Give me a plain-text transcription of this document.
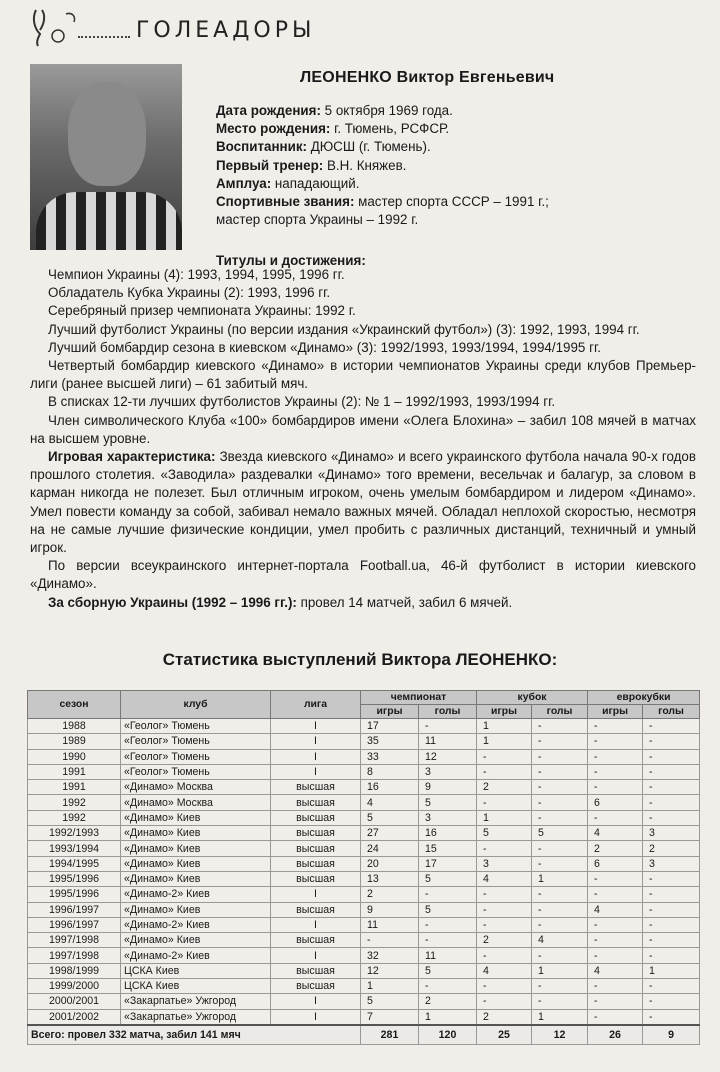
ГОЛЕАДОРЫ
ЛЕОНЕНКО Виктор Евгеньевич
Дата рождения: 5 октября 1969 года.
Место рождения: г. Тюмень, РСФСР.
Воспитанник: ДЮСШ (г. Тюмень).
Первый тренер: В.Н. Княжев.
Амплуа: нападающий.
Спортивные звания: мастер спорта СССР – 1991 г.;
мастер спорта Украины – 1992 г.
Титулы и достижения:

Чемпион Украины (4): 1993, 1994, 1995, 1996 гг.

Обладатель Кубка Украины (2): 1993, 1996 гг.

Серебряный призер чемпионата Украины: 1992 г.

Лучший футболист Украины (по версии издания «Украинский футбол») (3): 1992, 1993, 1994 гг.

Лучший бомбардир сезона в киевском «Динамо» (3): 1992/1993, 1993/1994, 1994/1995 гг.

Четвертый бомбардир киевского «Динамо» в истории чемпионатов Украины среди клубов Премьер-лиги (ранее высшей лиги) – 61 забитый мяч.

В списках 12-ти лучших футболистов Украины (2): № 1 – 1992/1993, 1993/1994 гг.

Член символического Клуба «100» бомбардиров имени «Олега Блохина» – забил 108 мячей в матчах на высшем уровне.

Игровая характеристика: Звезда киевского «Динамо» и всего украинского футбола начала 90-х годов прошлого столетия. «Заводила» раздевалки «Динамо» того времени, весельчак и балагур, за словом в карман никогда не полезет. Был отличным игроком, очень умелым бомбардиром и лидером «Динамо». Умел повести команду за собой, забивал немало важных мячей. Обладал неплохой скоростью, несмотря на не самые лучшие физические кондиции, умел пробить с различных дистанций, техничный и умный игрок.

По версии всеукраинского интернет-портала Football.ua, 46-й футболист в истории киевского «Динамо».

За сборную Украины (1992 – 1996 гг.): провел 14 матчей, забил 6 мячей.

Статистика выступлений Виктора ЛЕОНЕНКО:
сезон	клуб	лига	чемпионат		кубок		еврокубки	
			игры	голы	игры	голы	игры	голы
1988	«Геолог» Тюмень	I	17	-	1	-	-	-
1989	«Геолог» Тюмень	I	35	11	1	-	-	-
1990	«Геолог» Тюмень	I	33	12	-	-	-	-
1991	«Геолог» Тюмень	I	8	3	-	-	-	-
1991	«Динамо» Москва	высшая	16	9	2	-	-	-
1992	«Динамо» Москва	высшая	4	5	-	-	6	-
1992	«Динамо» Киев	высшая	5	3	1	-	-	-
1992/1993	«Динамо» Киев	высшая	27	16	5	5	4	3
1993/1994	«Динамо» Киев	высшая	24	15	-	-	2	2
1994/1995	«Динамо» Киев	высшая	20	17	3	-	6	3
1995/1996	«Динамо» Киев	высшая	13	5	4	1	-	-
1995/1996	«Динамо-2» Киев	I	2	-	-	-	-	-
1996/1997	«Динамо» Киев	высшая	9	5	-	-	4	-
1996/1997	«Динамо-2» Киев	I	11	-	-	-	-	-
1997/1998	«Динамо» Киев	высшая	-	-	2	4	-	-
1997/1998	«Динамо-2» Киев	I	32	11	-	-	-	-
1998/1999	ЦСКА Киев	высшая	12	5	4	1	4	1
1999/2000	ЦСКА Киев	высшая	1	-	-	-	-	-
2000/2001	«Закарпатье» Ужгород	I	5	2	-	-	-	-
2001/2002	«Закарпатье» Ужгород	I	7	1	2	1	-	-
Всего: провел 332 матча, забил 141 мяч			281	120	25	12	26	9
